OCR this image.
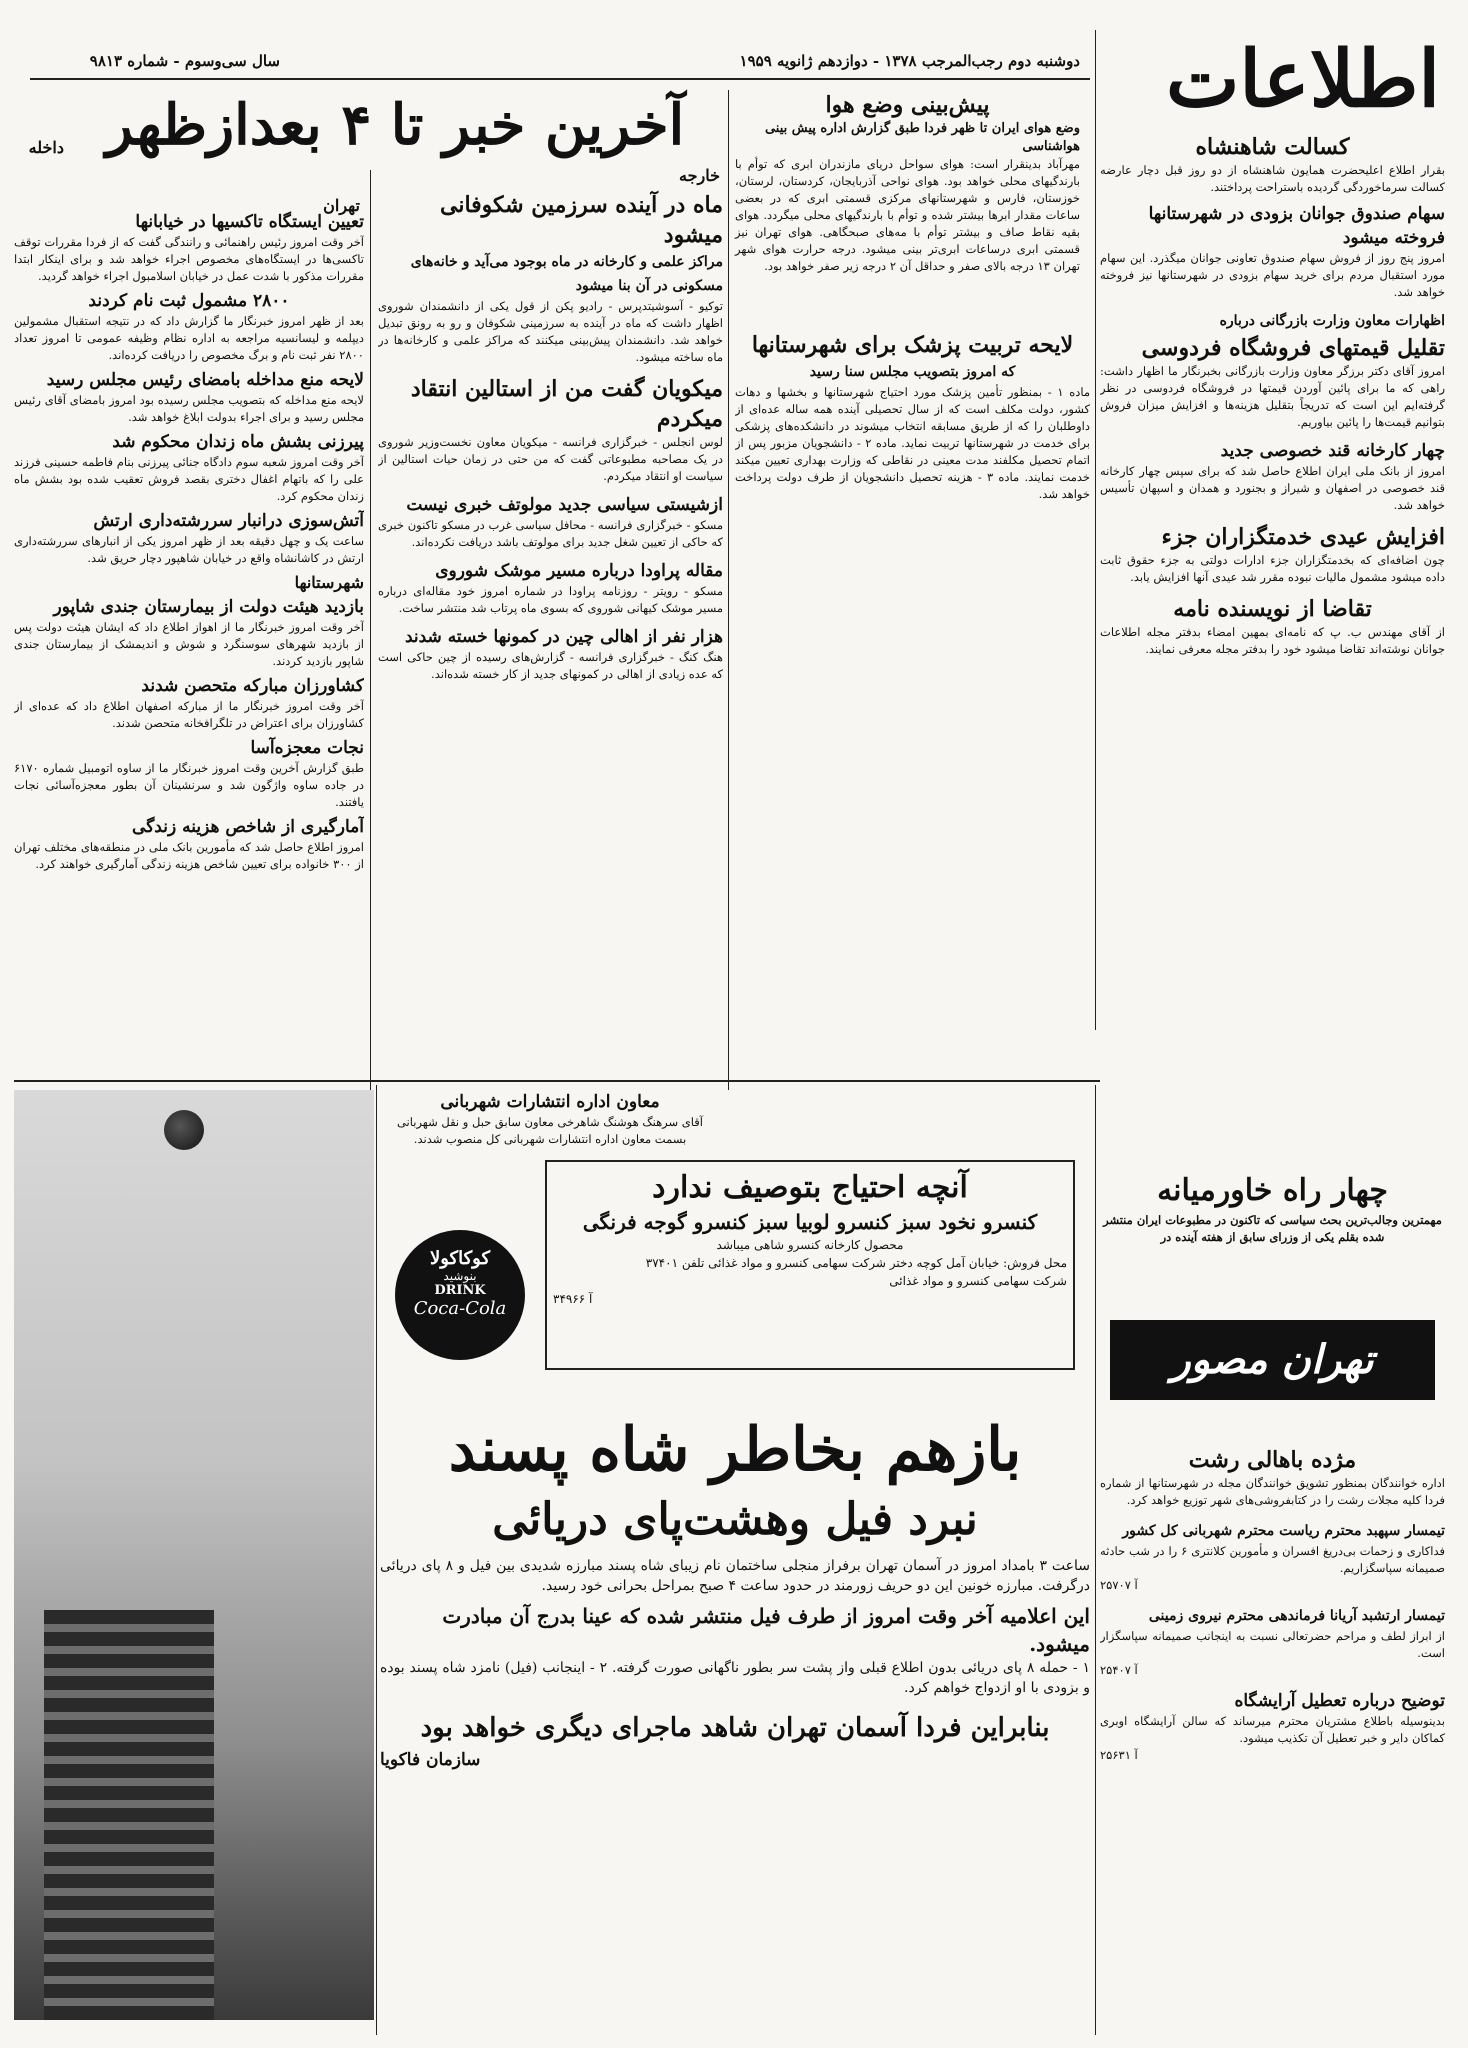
اطلاعات
دوشنبه دوم رجب‌المرجب ۱۳۷۸ - دوازدهم ژانویه ۱۹۵۹
سال سی‌وسوم - شماره ۹۸۱۳
آخرین خبر تا ۴ بعدازظهر
داخله
خارجه
تهران
پیش‌بینی وضع هوا
وضع هوای ایران تا ظهر فردا طبق گزارش اداره پیش بینی هواشناسی
مهرآباد بدینقرار است: هوای سواحل دریای مازندران ابری که توأم با بارندگیهای محلی خواهد بود. هوای نواحی آذربایجان، کردستان، لرستان، خوزستان، فارس و شهرستانهای مرکزی قسمتی ابری که در بعضی ساعات مقدار ابرها بیشتر شده و توأم با بارندگیهای محلی میگردد. هوای بقیه نقاط صاف و بیشتر توأم با مه‌های صبحگاهی. هوای تهران نیز قسمتی ابری درساعات ابری‌تر بینی میشود. درجه حرارت هوای شهر تهران ۱۳ درجه بالای صفر و حداقل آن ۲ درجه زیر صفر خواهد بود.
کسالت شاهنشاه
بقرار اطلاع اعلیحضرت همایون شاهنشاه از دو روز قبل دچار عارضه کسالت سرماخوردگی گردیده باستراحت پرداختند.
سهام صندوق جوانان بزودی در شهرستانها فروخته میشود
امروز پنج روز از فروش سهام صندوق تعاونی جوانان میگذرد. این سهام مورد استقبال مردم برای خرید سهام بزودی در شهرستانها نیز فروخته خواهد شد.
اظهارات معاون وزارت بازرگانی درباره
تقلیل قیمتهای فروشگاه فردوسی
امروز آقای دکتر برزگر معاون وزارت بازرگانی بخبرنگار ما اظهار داشت: راهی که ما برای پائین آوردن قیمتها در فروشگاه فردوسی در نظر گرفته‌ایم این است که تدریجاً بتقلیل هزینه‌ها و افزایش میزان فروش بتوانیم قیمت‌ها را پائین بیاوریم.
چهار کارخانه قند خصوصی جدید
امروز از بانک ملی ایران اطلاع حاصل شد که برای سپس چهار کارخانه قند خصوصی در اصفهان و شیراز و بجنورد و همدان و اسپهان تأسیس خواهد شد.
افزایش عیدی خدمتگزاران جزء
چون اضافه‌ای که بخدمتگزاران جزء ادارات دولتی به جزء حقوق ثابت داده میشود مشمول مالیات نبوده مقرر شد عیدی آنها افزایش یابد.
تقاضا از نویسنده نامه
از آقای مهندس ب. پ که نامه‌ای بمهین امضاء بدفتر مجله اطلاعات جوانان نوشته‌اند تقاضا میشود خود را بدفتر مجله معرفی نمایند.
لایحه تربیت پزشک برای شهرستانها
که امروز بتصویب مجلس سنا رسید
ماده ۱ - بمنظور تأمین پزشک مورد احتیاج شهرستانها و بخشها و دهات کشور، دولت مکلف است که از سال تحصیلی آینده همه ساله عده‌ای از داوطلبان را که از طریق مسابقه انتخاب میشوند در دانشکده‌های پزشکی برای خدمت در شهرستانها تربیت نماید. ماده ۲ - دانشجویان مزبور پس از اتمام تحصیل مکلفند مدت معینی در نقاطی که وزارت بهداری تعیین میکند خدمت نمایند. ماده ۳ - هزینه تحصیل دانشجویان از طرف دولت پرداخت خواهد شد.
ماه در آینده سرزمین شکوفانی میشود
مراکز علمی و کارخانه در ماه بوجود می‌آید و خانه‌های مسکونی در آن بنا میشود
توکیو - آسوشیتدپرس - رادیو پکن از قول یکی از دانشمندان شوروی اظهار داشت که ماه در آینده به سرزمینی شکوفان و رو به رونق تبدیل خواهد شد. دانشمندان پیش‌بینی میکنند که مراکز علمی و کارخانه‌ها در ماه ساخته میشود.
میکویان گفت من از استالین انتقاد میکردم
لوس انجلس - خبرگزاری فرانسه - میکویان معاون نخست‌وزیر شوروی در یک مصاحبه مطبوعاتی گفت که من حتی در زمان حیات استالین از سیاست او انتقاد میکردم.
ازشیستی سیاسی جدید مولوتف خبری نیست
مسکو - خبرگزاری فرانسه - محافل سیاسی غرب در مسکو تاکنون خبری که حاکی از تعیین شغل جدید برای مولوتف باشد دریافت نکرده‌اند.
مقاله پراودا درباره مسیر موشک شوروی
مسکو - رویتر - روزنامه پراودا در شماره امروز خود مقاله‌ای درباره مسیر موشک کیهانی شوروی که بسوی ماه پرتاب شد منتشر ساخت.
هزار نفر از اهالی چین در کمونها خسته شدند
هنگ کنگ - خبرگزاری فرانسه - گزارش‌های رسیده از چین حاکی است که عده زیادی از اهالی در کمونهای جدید از کار خسته شده‌اند.
تعیین ایستگاه تاکسیها در خیابانها
آخر وقت امروز رئیس راهنمائی و رانندگی گفت که از فردا مقررات توقف تاکسی‌ها در ایستگاه‌های مخصوص اجراء خواهد شد و برای اینکار ابتدا مقررات مذکور با شدت عمل در خیابان اسلامبول اجراء خواهد گردید.
۲۸۰۰ مشمول ثبت نام کردند
بعد از ظهر امروز خبرنگار ما گزارش داد که در نتیجه استقبال مشمولین دیپلمه و لیسانسیه مراجعه به اداره نظام وظیفه عمومی تا امروز تعداد ۲۸۰۰ نفر ثبت نام و برگ مخصوص را دریافت کرده‌اند.
لایحه منع مداخله بامضای رئیس مجلس رسید
لایحه منع مداخله که بتصویب مجلس رسیده بود امروز بامضای آقای رئیس مجلس رسید و برای اجراء بدولت ابلاغ خواهد شد.
پیرزنی بشش ماه زندان محکوم شد
آخر وقت امروز شعبه سوم دادگاه جنائی پیرزنی بنام فاطمه حسینی فرزند علی را که باتهام اغفال دختری بقصد فروش تعقیب شده بود بشش ماه زندان محکوم کرد.
آتش‌سوزی درانبار سررشته‌داری ارتش
ساعت یک و چهل دقیقه بعد از ظهر امروز یکی از انبارهای سررشته‌داری ارتش در کاشانشاه واقع در خیابان شاهپور دچار حریق شد.
شهرستانها
بازدید هیئت دولت از بیمارستان جندی شاپور
آخر وقت امروز خبرنگار ما از اهواز اطلاع داد که ایشان هیئت دولت پس از بازدید شهرهای سوسنگرد و شوش و اندیمشک از بیمارستان جندی شاپور بازدید کردند.
کشاورزان مبارکه متحصن شدند
آخر وقت امروز خبرنگار ما از مبارکه اصفهان اطلاع داد که عده‌ای از کشاورزان برای اعتراض در تلگرافخانه متحصن شدند.
نجات معجزه‌آسا
طبق گزارش آخرین وقت امروز خبرنگار ما از ساوه اتومبیل شماره ۶۱۷۰ در جاده ساوه واژگون شد و سرنشینان آن بطور معجزه‌آسائی نجات یافتند.
آمارگیری از شاخص هزینه زندگی
امروز اطلاع حاصل شد که مأمورین بانک ملی در منطقه‌های مختلف تهران از ۳۰۰ خانواده برای تعیین شاخص هزینه زندگی آمارگیری خواهند کرد.
معاون اداره انتشارات شهربانی
آقای سرهنگ هوشنگ شاهرخی معاون سابق حبل و نقل شهربانی بسمت معاون اداره انتشارات شهربانی کل منصوب شدند.
کوکاکولا
بنوشید
DRINK
Coca-Cola
آنچه احتیاج بتوصیف ندارد
کنسرو نخود سبز کنسرو لوبیا سبز کنسرو گوجه فرنگی
محصول کارخانه کنسرو شاهی میباشد
محل فروش: خیابان آمل کوچه دختر شرکت سهامی کنسرو و مواد غذائی تلفن ۳۷۴۰۱
شرکت سهامی کنسرو و مواد غذائی
آ ۳۴۹۶۶
چهار راه خاورمیانه
مهمترین وجالب‌ترین بحث سیاسی که تاکنون در مطبوعات ایران منتشر شده بقلم یکی از وزرای سابق از هفته آینده در
تهران مصور
بازهم بخاطر شاه پسند
نبرد فیل وهشت‌پای دریائی
ساعت ۳ بامداد امروز در آسمان تهران برفراز منجلی ساختمان نام زیبای شاه پسند مبارزه شدیدی بین فیل و ۸ پای دریائی درگرفت. مبارزه خونین این دو حریف زورمند در حدود ساعت ۴ صبح بمراحل بحرانی خود رسید.
این اعلامیه آخر وقت امروز از طرف فیل منتشر شده که عینا بدرج آن مبادرت میشود.
۱ - حمله ۸ پای دریائی بدون اطلاع قبلی واز پشت سر بطور ناگهانی صورت گرفته. ۲ - اینجانب (فیل) نامزد شاه پسند بوده و بزودی با او ازدواج خواهم کرد.
بنابراین فردا آسمان تهران شاهد ماجرای دیگری خواهد بود
سازمان فاکویا
مژده باهالی رشت
اداره خوانندگان بمنظور تشویق خوانندگان مجله در شهرستانها از شماره فردا کلیه مجلات رشت را در کتابفروشی‌های شهر توزیع خواهد کرد.
تیمسار سپهبد محترم ریاست محترم شهربانی کل کشور
فداکاری و زحمات بی‌دریغ افسران و مأمورین کلانتری ۶ را در شب حادثه صمیمانه سپاسگزاریم.
آ ۲۵۷۰۷
تیمسار ارتشبد آریانا فرماندهی محترم نیروی زمینی
از ابراز لطف و مراحم حضرتعالی نسبت به اینجانب صمیمانه سپاسگزار است.
آ ۲۵۴۰۷
توضیح درباره تعطیل آرایشگاه
بدینوسیله باطلاع مشتریان محترم میرساند که سالن آرایشگاه اوبری کماکان دایر و خبر تعطیل آن تکذیب میشود.
آ ۲۵۶۳۱
